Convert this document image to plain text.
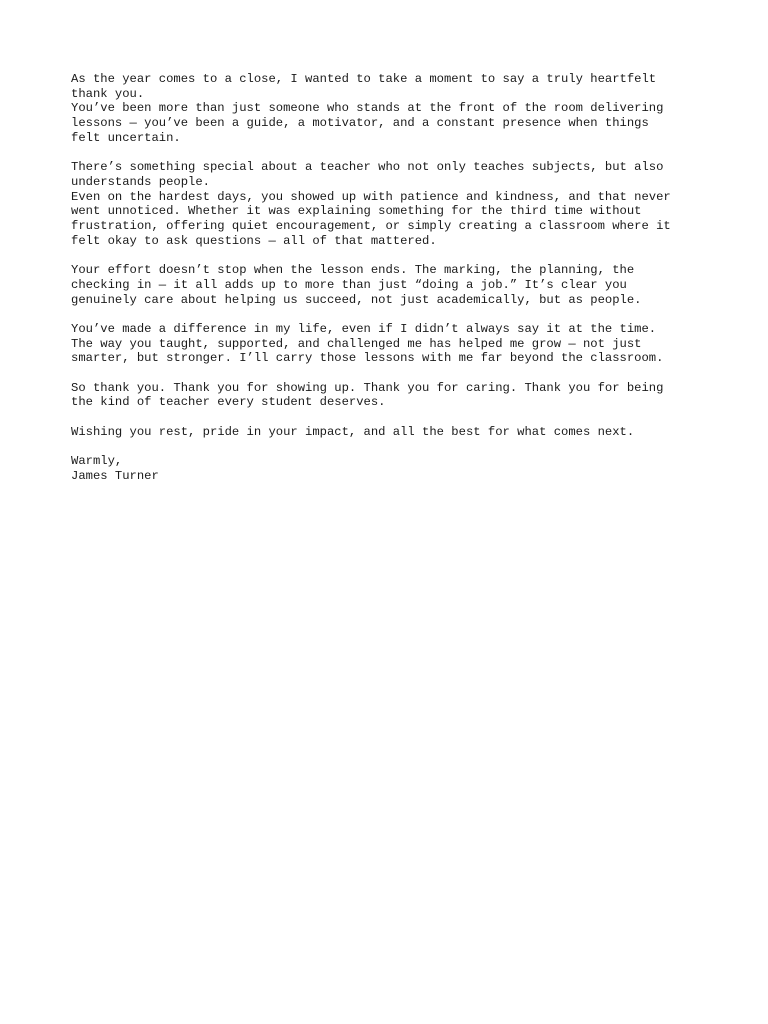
As the year comes to a close, I wanted to take a moment to say a truly heartfelt
thank you.
You’ve been more than just someone who stands at the front of the room delivering
lessons — you’ve been a guide, a motivator, and a constant presence when things
felt uncertain.
There’s something special about a teacher who not only teaches subjects, but also
understands people.
Even on the hardest days, you showed up with patience and kindness, and that never
went unnoticed. Whether it was explaining something for the third time without
frustration, offering quiet encouragement, or simply creating a classroom where it
felt okay to ask questions — all of that mattered.
Your effort doesn’t stop when the lesson ends. The marking, the planning, the
checking in — it all adds up to more than just “doing a job.” It’s clear you
genuinely care about helping us succeed, not just academically, but as people.
You’ve made a difference in my life, even if I didn’t always say it at the time.
The way you taught, supported, and challenged me has helped me grow — not just
smarter, but stronger. I’ll carry those lessons with me far beyond the classroom.
So thank you. Thank you for showing up. Thank you for caring. Thank you for being
the kind of teacher every student deserves.
Wishing you rest, pride in your impact, and all the best for what comes next.
Warmly,
James Turner
